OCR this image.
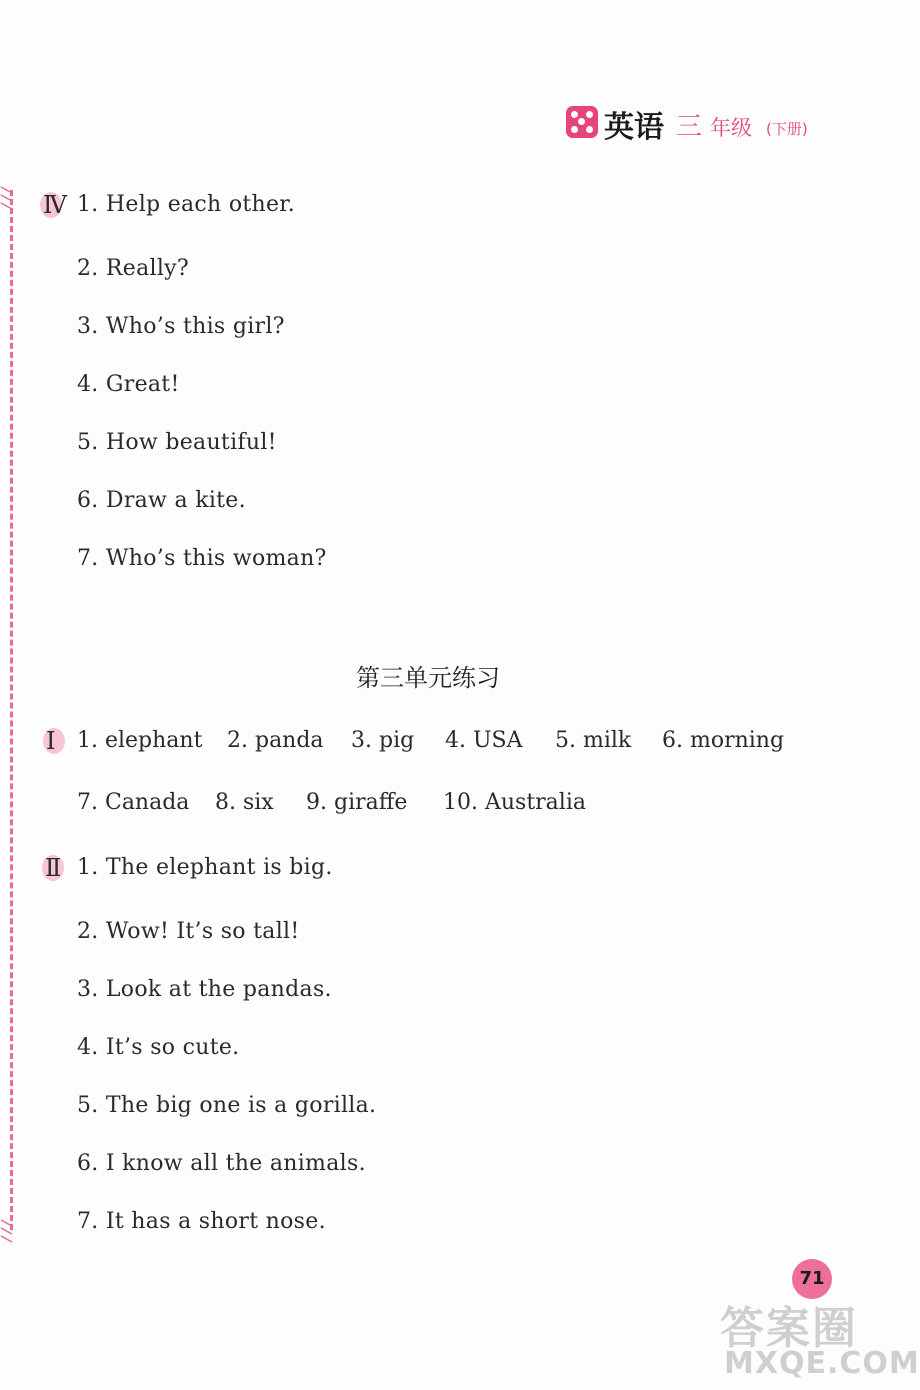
英语 三 年级 (下册)
Ⅳ 1. Help each other.
2. Really?
3. Who’s this girl?
4. Great!
5. How beautiful!
6. Draw a kite.
7. Who’s this woman?
第三单元练习
Ⅰ 1. elephant 2. panda 3. pig 4. USA 5. milk 6. morning
7. Canada 8. six 9. giraffe 10. Australia
Ⅱ 1. The elephant is big.
2. Wow! It’s so tall!
3. Look at the pandas.
4. It’s so cute.
5. The big one is a gorilla.
6. I know all the animals.
7. It has a short nose.
71
答案圈
MXQE.COM
